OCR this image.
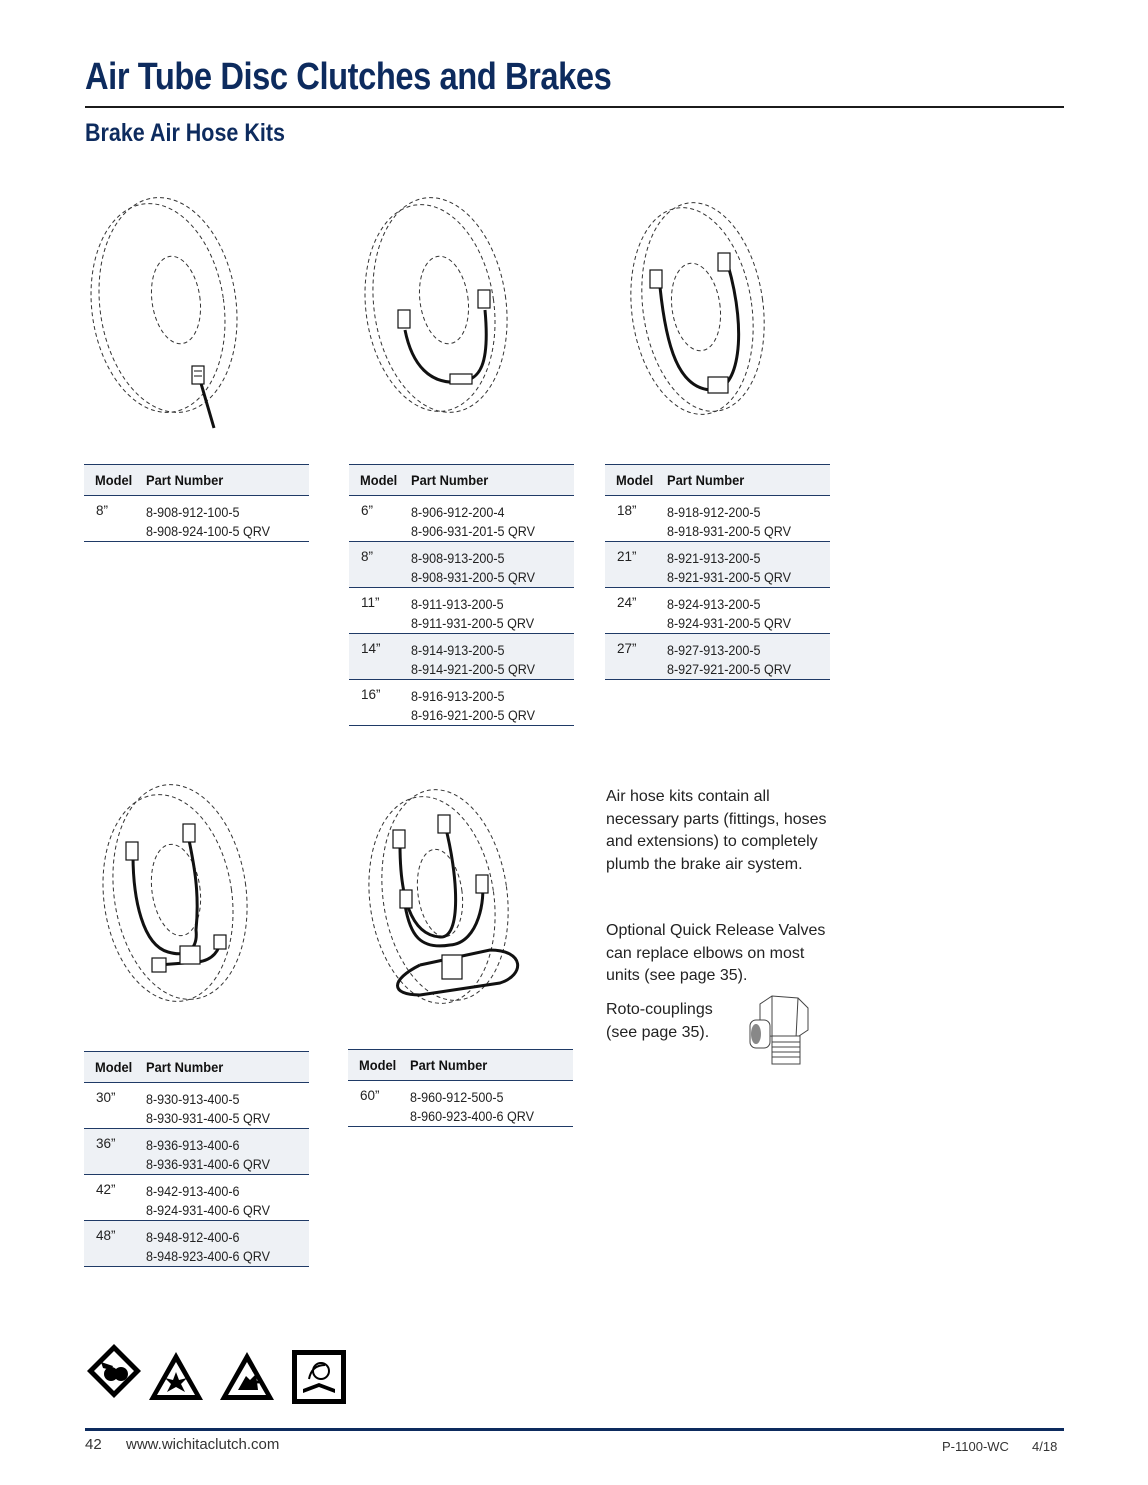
Air Tube Disc Clutches and Brakes
Brake Air Hose Kits
Model Part Number
8”	8-908-912-100-5
8-908-924-100-5 QRV
Model Part Number
6”	8-906-912-200-4
8-906-931-201-5 QRV
8”	8-908-913-200-5
8-908-931-200-5 QRV
11”	8-911-913-200-5
8-911-931-200-5 QRV
14”	8-914-913-200-5
8-914-921-200-5 QRV
16”	8-916-913-200-5
8-916-921-200-5 QRV
Model Part Number
18”	8-918-912-200-5
8-918-931-200-5 QRV
21”	8-921-913-200-5
8-921-931-200-5 QRV
24”	8-924-913-200-5
8-924-931-200-5 QRV
27”	8-927-913-200-5
8-927-921-200-5 QRV
Model Part Number
30”	8-930-913-400-5
8-930-931-400-5 QRV
36”	8-936-913-400-6
8-936-931-400-6 QRV
42”	8-942-913-400-6
8-924-931-400-6 QRV
48”	8-948-912-400-6
8-948-923-400-6 QRV
Model Part Number
60”	8-960-912-500-5
8-960-923-400-6 QRV
Air hose kits contain all
necessary parts (fittings, hoses
and extensions) to completely
plumb the brake air system.
Optional Quick Release Valves
can replace elbows on most
units (see page 35).
Roto-couplings
(see page 35).
42 www.wichitaclutch.com	P-1100-WC 4/18
